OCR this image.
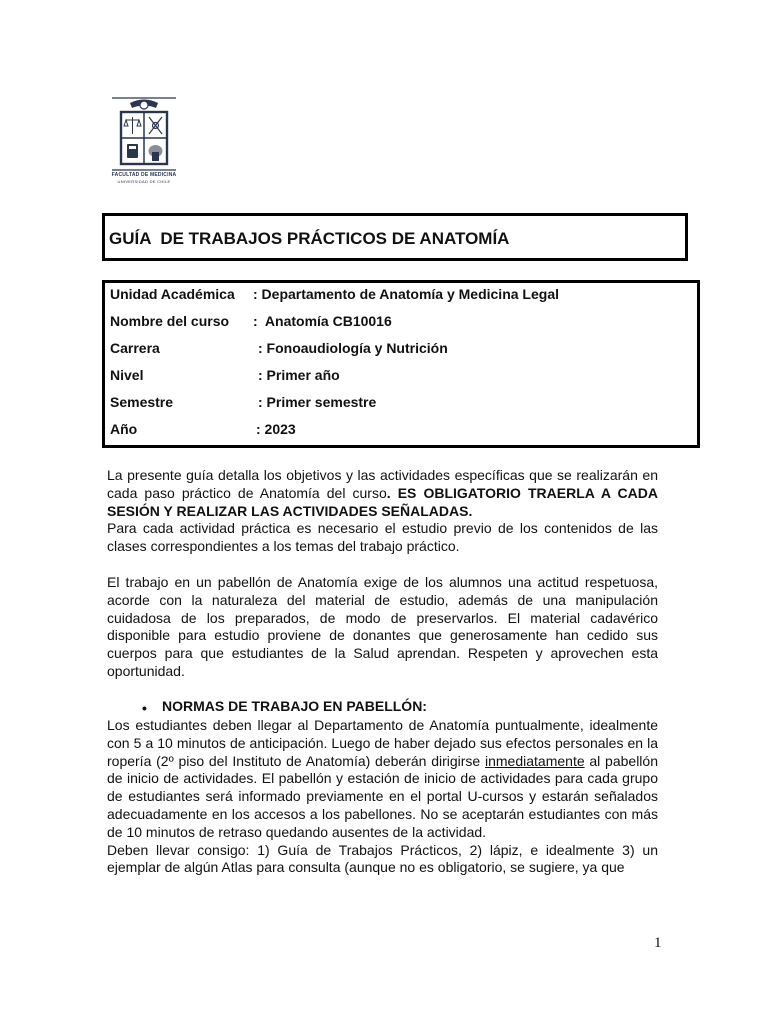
FACULTAD DE MEDICINA
UNIVERSIDAD DE CHILE
GUÍA  DE TRABAJOS PRÁCTICOS DE ANATOMÍA

Unidad Académica

: Departamento de Anatomía y Medicina Legal

Nombre del curso

:  Anatomía CB10016

Carrera

	: Fonoaudiología y Nutrición

Nivel

	: Primer año

Semestre

	: Primer semestre

Año

	: 2023

La presente guía detalla los objetivos y las actividades específicas que se realizarán en cada paso práctico de Anatomía del curso. ES OBLIGATORIO TRAERLA A CADA SESIÓN Y REALIZAR LAS ACTIVIDADES SEÑALADAS.
Para cada actividad práctica es necesario el estudio previo de los contenidos de las clases correspondientes a los temas del trabajo práctico.

El trabajo en un pabellón de Anatomía exige de los alumnos una actitud respetuosa, acorde con la naturaleza del material de estudio, además de una manipulación cuidadosa de los preparados, de modo de preservarlos. El material cadavérico disponible para estudio proviene de donantes que generosamente han cedido sus cuerpos para que estudiantes de la Salud aprendan. Respeten y aprovechen esta oportunidad.

• NORMAS DE TRABAJO EN PABELLÓN:

Los estudiantes deben llegar al Departamento de Anatomía puntualmente, idealmente con 5 a 10 minutos de anticipación. Luego de haber dejado sus efectos personales en la ropería (2º piso del Instituto de Anatomía) deberán dirigirse inmediatamente al pabellón de inicio de actividades. El pabellón y estación de inicio de actividades para cada grupo de estudiantes será informado previamente en el portal U-cursos y estarán señalados adecuadamente en los accesos a los pabellones. No se aceptarán estudiantes con más de 10 minutos de retraso quedando ausentes de la actividad.
Deben llevar consigo: 1) Guía de Trabajos Prácticos, 2) lápiz, e idealmente 3) un ejemplar de algún Atlas para consulta (aunque no es obligatorio, se sugiere, ya que

1
